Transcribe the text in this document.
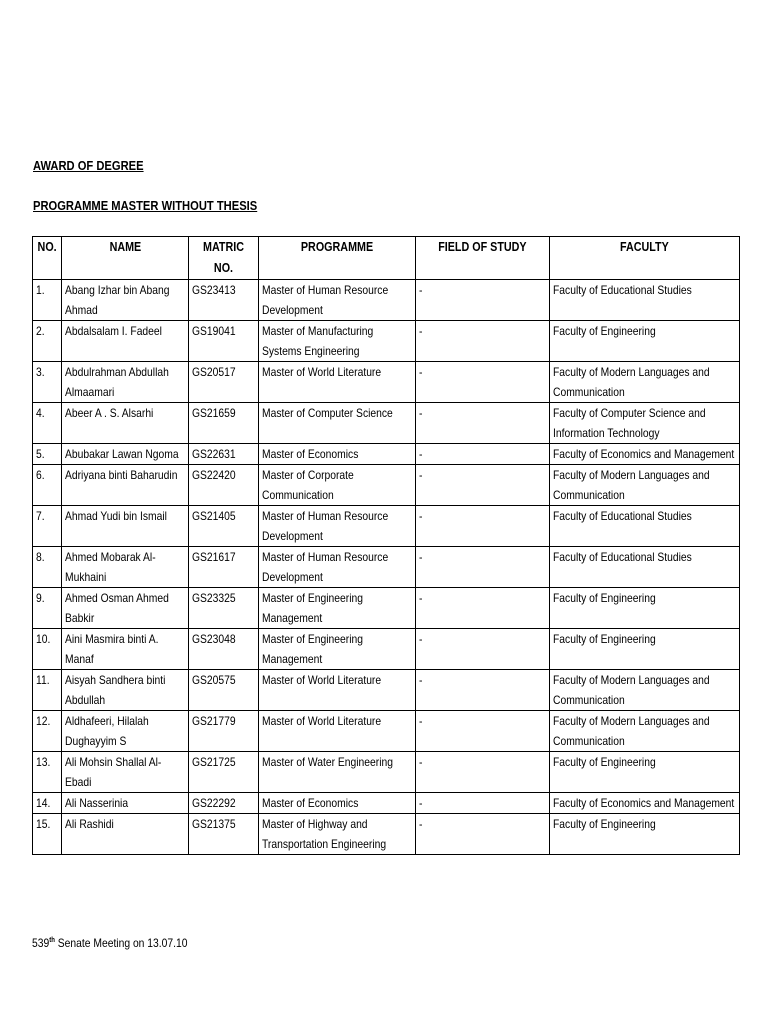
AWARD OF DEGREE
PROGRAMME MASTER WITHOUT THESIS
NO.	NAME	MATRIC NO.	PROGRAMME	FIELD OF STUDY	FACULTY
1.	Abang Izhar bin Abang Ahmad	GS23413	Master of Human Resource Development	-	Faculty of Educational Studies
2.	Abdalsalam I. Fadeel	GS19041	Master of Manufacturing Systems Engineering	-	Faculty of Engineering
3.	Abdulrahman Abdullah Almaamari	GS20517	Master of World Literature	-	Faculty of Modern Languages and Communication
4.	Abeer A . S. Alsarhi	GS21659	Master of Computer Science	-	Faculty of Computer Science and Information Technology
5.	Abubakar Lawan Ngoma	GS22631	Master of Economics	-	Faculty of Economics and Management
6.	Adriyana binti Baharudin	GS22420	Master of Corporate Communication	-	Faculty of Modern Languages and Communication
7.	Ahmad Yudi bin Ismail	GS21405	Master of Human Resource Development	-	Faculty of Educational Studies
8.	Ahmed Mobarak Al-Mukhaini	GS21617	Master of Human Resource Development	-	Faculty of Educational Studies
9.	Ahmed Osman Ahmed Babkir	GS23325	Master of Engineering Management	-	Faculty of Engineering
10.	Aini Masmira binti A. Manaf	GS23048	Master of Engineering Management	-	Faculty of Engineering
11.	Aisyah Sandhera binti Abdullah	GS20575	Master of World Literature	-	Faculty of Modern Languages and Communication
12.	Aldhafeeri, Hilalah Dughayyim S	GS21779	Master of World Literature	-	Faculty of Modern Languages and Communication
13.	Ali Mohsin Shallal Al-Ebadi	GS21725	Master of Water Engineering	-	Faculty of Engineering
14.	Ali Nasserinia	GS22292	Master of Economics	-	Faculty of Economics and Management
15.	Ali Rashidi	GS21375	Master of Highway and Transportation Engineering	-	Faculty of Engineering
539th Senate Meeting on 13.07.10
